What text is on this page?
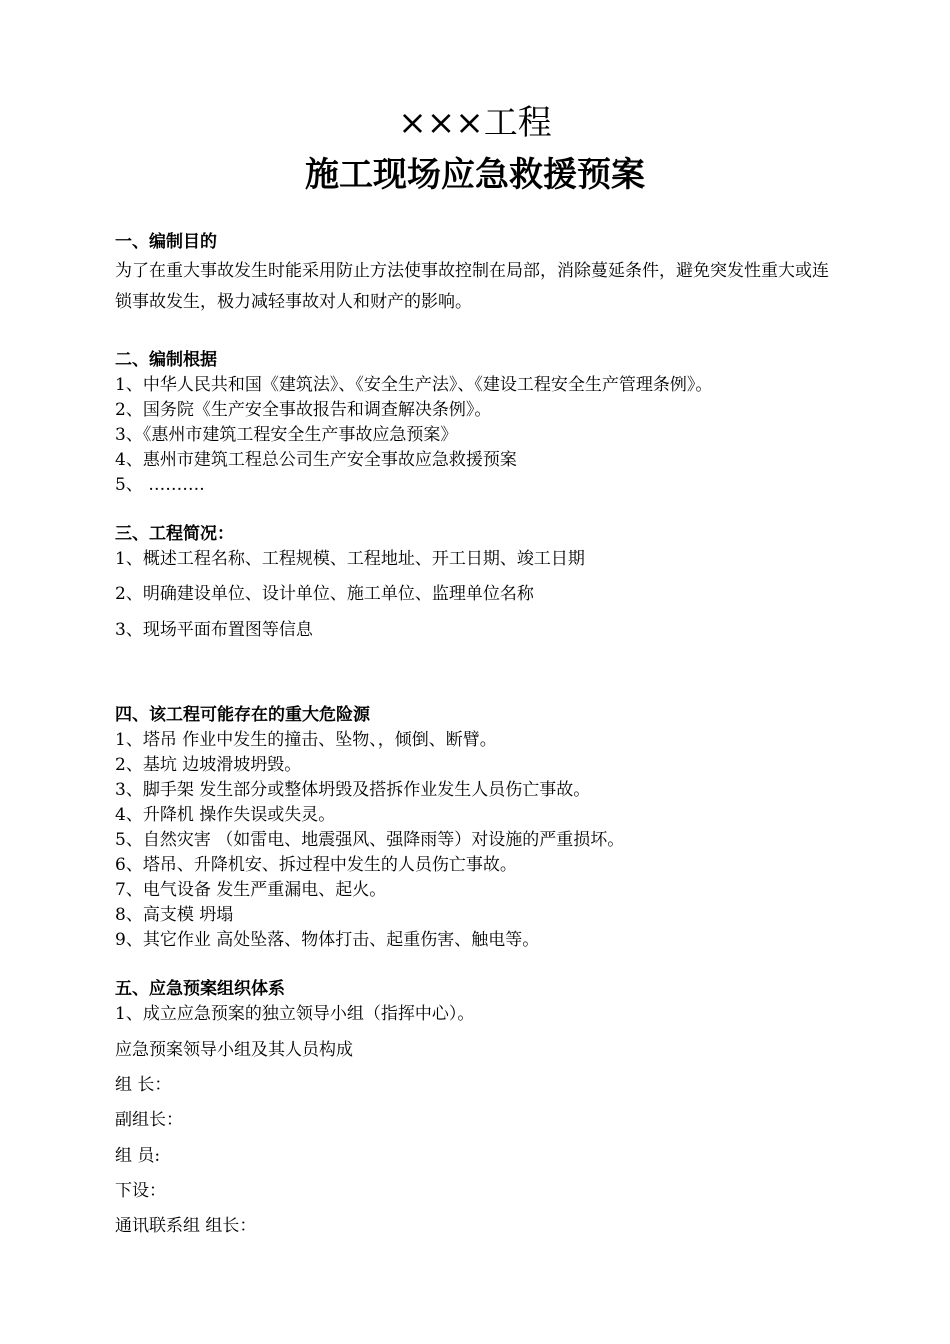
×××工程
施工现场应急救援预案
一、编制目的
为了在重大事故发生时能采用防止方法使事故控制在局部，消除蔓延条件，避免突发性重大或连锁事故发生，极力减轻事故对人和财产的影响。
二、编制根据
1、中华人民共和国《建筑法》、《安全生产法》、《建设工程安全生产管理条例》。
2、国务院《生产安全事故报告和调查解决条例》。
3、《惠州市建筑工程安全生产事故应急预案》
4、惠州市建筑工程总公司生产安全事故应急救援预案
5、 ……….
三、工程简况：
1、概述工程名称、工程规模、工程地址、开工日期、竣工日期
2、明确建设单位、设计单位、施工单位、监理单位名称
3、现场平面布置图等信息
四、该工程可能存在的重大危险源
1、塔吊 作业中发生的撞击、坠物、，倾倒、断臂。
2、基坑 边坡滑坡坍毁。
3、脚手架 发生部分或整体坍毁及搭拆作业发生人员伤亡事故。
4、升降机 操作失误或失灵。
5、自然灾害 （如雷电、地震强风、强降雨等）对设施的严重损坏。
6、塔吊、升降机安、拆过程中发生的人员伤亡事故。
7、电气设备 发生严重漏电、起火。
8、高支模 坍塌
9、其它作业 高处坠落、物体打击、起重伤害、触电等。
五、应急预案组织体系
1、成立应急预案的独立领导小组（指挥中心）。
应急预案领导小组及其人员构成
组 长：
副组长：
组 员:
下设：
通讯联系组 组长：
